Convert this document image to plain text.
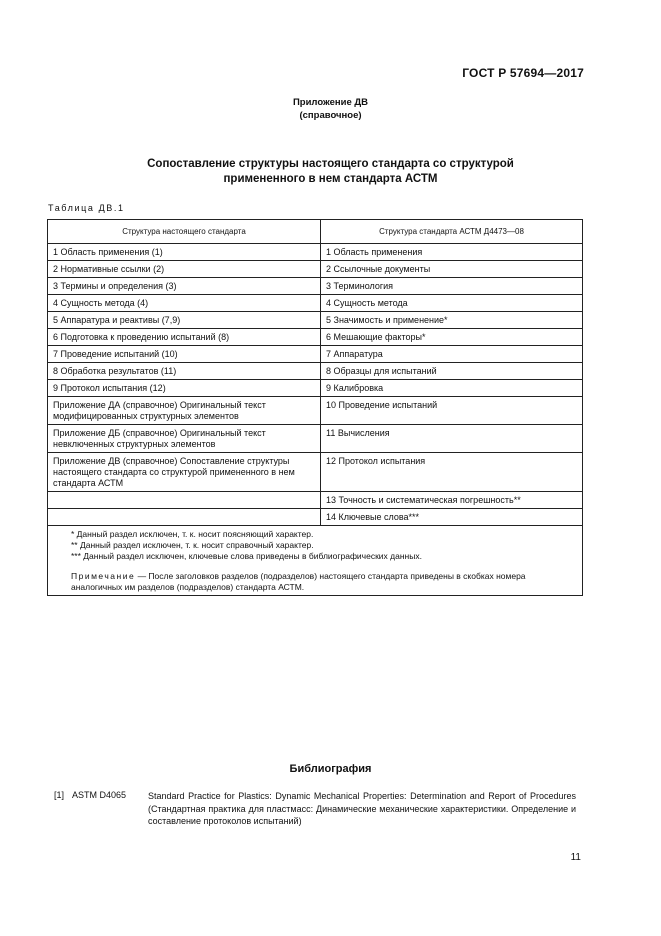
ГОСТ Р 57694—2017
Приложение ДВ
(справочное)
Сопоставление структуры настоящего стандарта со структурой
примененного в нем стандарта АСТМ
Таблица ДВ.1
Структура настоящего стандарта	Структура стандарта АСТМ Д4473—08
1 Область применения (1)	1 Область применения
2 Нормативные ссылки (2)	2 Ссылочные документы
3 Термины и определения (3)	3 Терминология
4 Сущность метода (4)	4 Сущность метода
5 Аппаратура и реактивы (7,9)	5 Значимость и применение*
6 Подготовка к проведению испытаний (8)	6 Мешающие факторы*
7 Проведение испытаний (10)	7 Аппаратура
8 Обработка результатов (11)	8 Образцы для испытаний
9 Протокол испытания (12)	9 Калибровка
Приложение ДА (справочное) Оригинальный текст модифицированных структурных элементов	10 Проведение испытаний
Приложение ДБ (справочное) Оригинальный текст невключенных структурных элементов	11 Вычисления
Приложение ДВ (справочное) Сопоставление структуры настоящего стандарта со структурой примененного в нем стандарта АСТМ	12 Протокол испытания
	13 Точность и систематическая погрешность**
	14 Ключевые слова***

* Данный раздел исключен, т. к. носит поясняющий характер.
** Данный раздел исключен, т. к. носит справочный характер.
*** Данный раздел исключен, ключевые слова приведены в библиографических данных.
Примечание — После заголовков разделов (подразделов) настоящего стандарта приведены в скобках номера аналогичных им разделов (подразделов) стандарта АСТМ.	
Библиография
[1] ASTM D4065 Standard Practice for Plastics: Dynamic Mechanical Properties: Determination and Report of Procedures (Стандартная практика для пластмасс: Динамические механические характеристики. Определение и составление протоколов испытаний)
11
